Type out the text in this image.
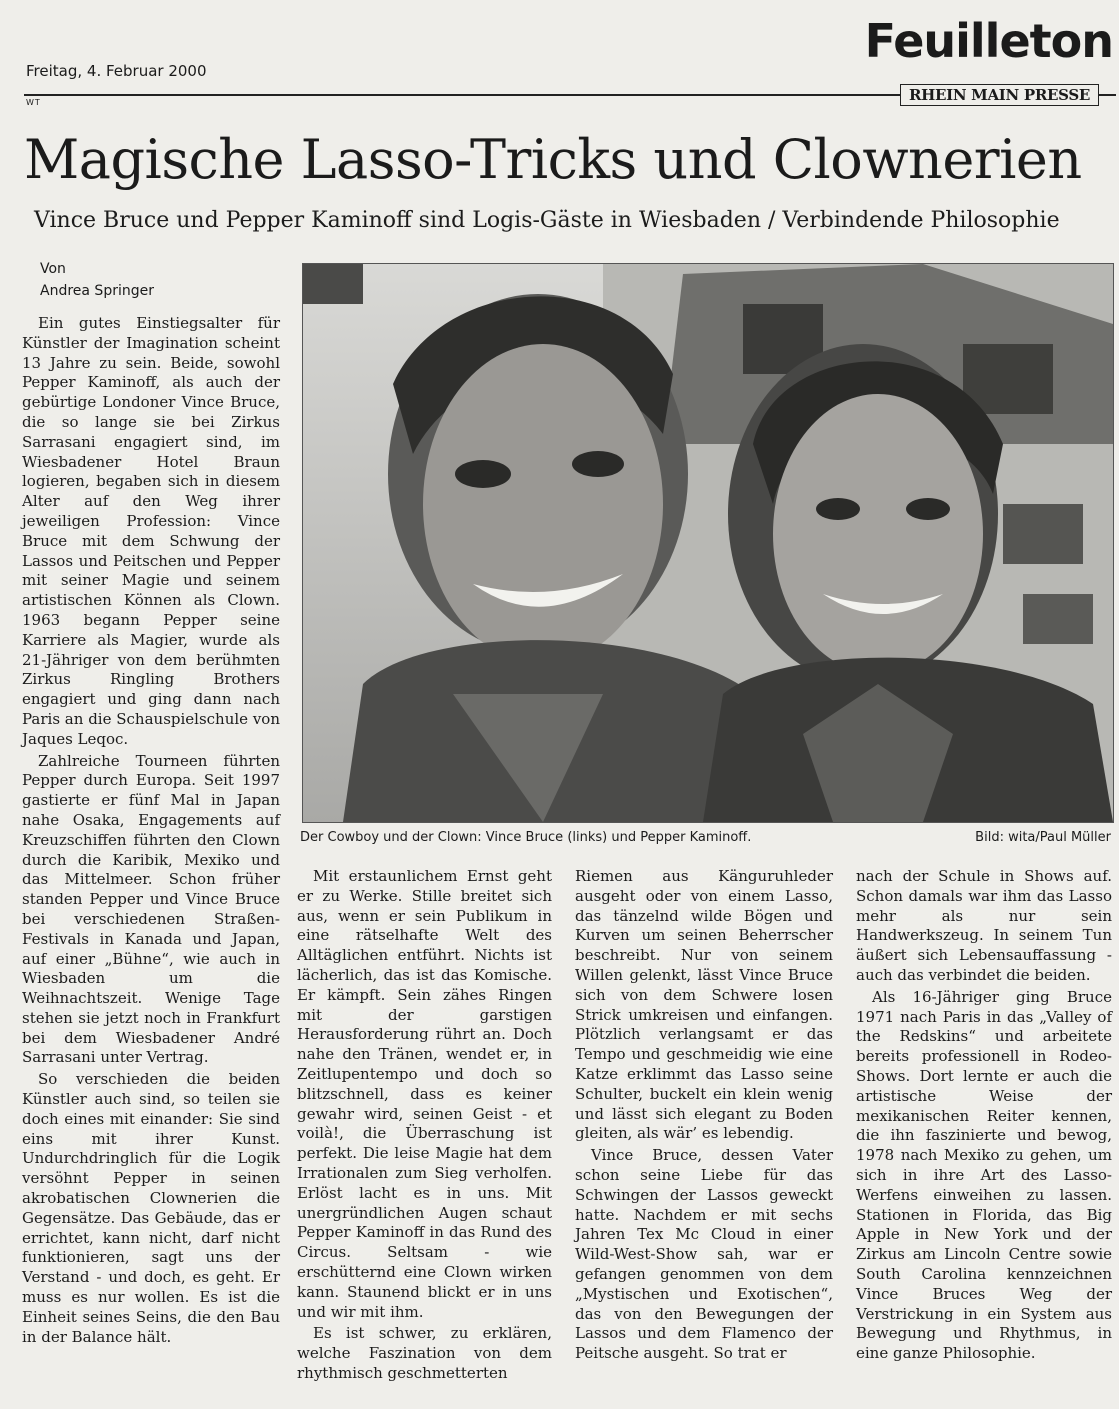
Freitag, 4. Februar 2000
WT
Feuilleton
RHEIN MAIN PRESSE
Magische Lasso-Tricks und Clownerien
Vince Bruce und Pepper Kaminoff sind Logis-Gäste in Wiesbaden / Verbindende Philosophie
Von
Andrea Springer

Ein gutes Einstiegsalter für Künstler der Imagination scheint 13 Jahre zu sein. Beide, sowohl Pepper Kaminoff, als auch der gebürtige Londoner Vince Bruce, die so lange sie bei Zirkus Sarrasani engagiert sind, im Wiesbadener Hotel Braun logieren, begaben sich in diesem Alter auf den Weg ihrer jeweiligen Profession: Vince Bruce mit dem Schwung der Lassos und Peitschen und Pepper mit seiner Magie und seinem artistischen Können als Clown. 1963 begann Pepper seine Karriere als Magier, wurde als 21-Jähriger von dem berühmten Zirkus Ringling Brothers engagiert und ging dann nach Paris an die Schauspielschule von Jaques Leqoc.

Zahlreiche Tourneen führten Pepper durch Europa. Seit 1997 gastierte er fünf Mal in Japan nahe Osaka, Engagements auf Kreuzschiffen führten den Clown durch die Karibik, Mexiko und das Mittelmeer. Schon früher standen Pepper und Vince Bruce bei verschiedenen Straßen-Festivals in Kanada und Japan, auf einer „Bühne“, wie auch in Wiesbaden um die Weihnachtszeit. Wenige Tage stehen sie jetzt noch in Frankfurt bei dem Wiesbadener André Sarrasani unter Vertrag.

So verschieden die beiden Künstler auch sind, so teilen sie doch eines mit einander: Sie sind eins mit ihrer Kunst. Undurchdringlich für die Logik versöhnt Pepper in seinen akrobatischen Clownerien die Gegensätze. Das Gebäude, das er errichtet, kann nicht, darf nicht funktionieren, sagt uns der Verstand - und doch, es geht. Er muss es nur wollen. Es ist die Einheit seines Seins, die den Bau in der Balance hält.

Der Cowboy und der Clown: Vince Bruce (links) und Pepper Kaminoff.	Bild: wita/Paul Müller

Mit erstaunlichem Ernst geht er zu Werke. Stille breitet sich aus, wenn er sein Publikum in eine rätselhafte Welt des Alltäglichen entführt. Nichts ist lächerlich, das ist das Komische. Er kämpft. Sein zähes Ringen mit der garstigen Herausforderung rührt an. Doch nahe den Tränen, wendet er, in Zeitlupentempo und doch so blitzschnell, dass es keiner gewahr wird, seinen Geist - et voilà!, die Überraschung ist perfekt. Die leise Magie hat dem Irrationalen zum Sieg verholfen. Erlöst lacht es in uns. Mit unergründlichen Augen schaut Pepper Kaminoff in das Rund des Circus. Seltsam - wie erschütternd eine Clown wirken kann. Staunend blickt er in uns und wir mit ihm.

Es ist schwer, zu erklären, welche Faszination von dem rhythmisch geschmetterten

Riemen aus Känguruhleder ausgeht oder von einem Lasso, das tänzelnd wilde Bögen und Kurven um seinen Beherrscher beschreibt. Nur von seinem Willen gelenkt, lässt Vince Bruce sich von dem Schwere losen Strick umkreisen und einfangen. Plötzlich verlangsamt er das Tempo und geschmeidig wie eine Katze erklimmt das Lasso seine Schulter, buckelt ein klein wenig und lässt sich elegant zu Boden gleiten, als wär’ es lebendig.

Vince Bruce, dessen Vater schon seine Liebe für das Schwingen der Lassos geweckt hatte. Nachdem er mit sechs Jahren Tex Mc Cloud in einer Wild-West-Show sah, war er gefangen genommen von dem „Mystischen und Exotischen“, das von den Bewegungen der Lassos und dem Flamenco der Peitsche ausgeht. So trat er

nach der Schule in Shows auf. Schon damals war ihm das Lasso mehr als nur sein Handwerkszeug. In seinem Tun äußert sich Lebensauffassung - auch das verbindet die beiden.

Als 16-Jähriger ging Bruce 1971 nach Paris in das „Valley of the Redskins“ und arbeitete bereits professionell in Rodeo-Shows. Dort lernte er auch die artistische Weise der mexikanischen Reiter kennen, die ihn faszinierte und bewog, 1978 nach Mexiko zu gehen, um sich in ihre Art des Lasso-Werfens einweihen zu lassen. Stationen in Florida, das Big Apple in New York und der Zirkus am Lincoln Centre sowie South Carolina kennzeichnen Vince Bruces Weg der Verstrickung in ein System aus Bewegung und Rhythmus, in eine ganze Philosophie.
